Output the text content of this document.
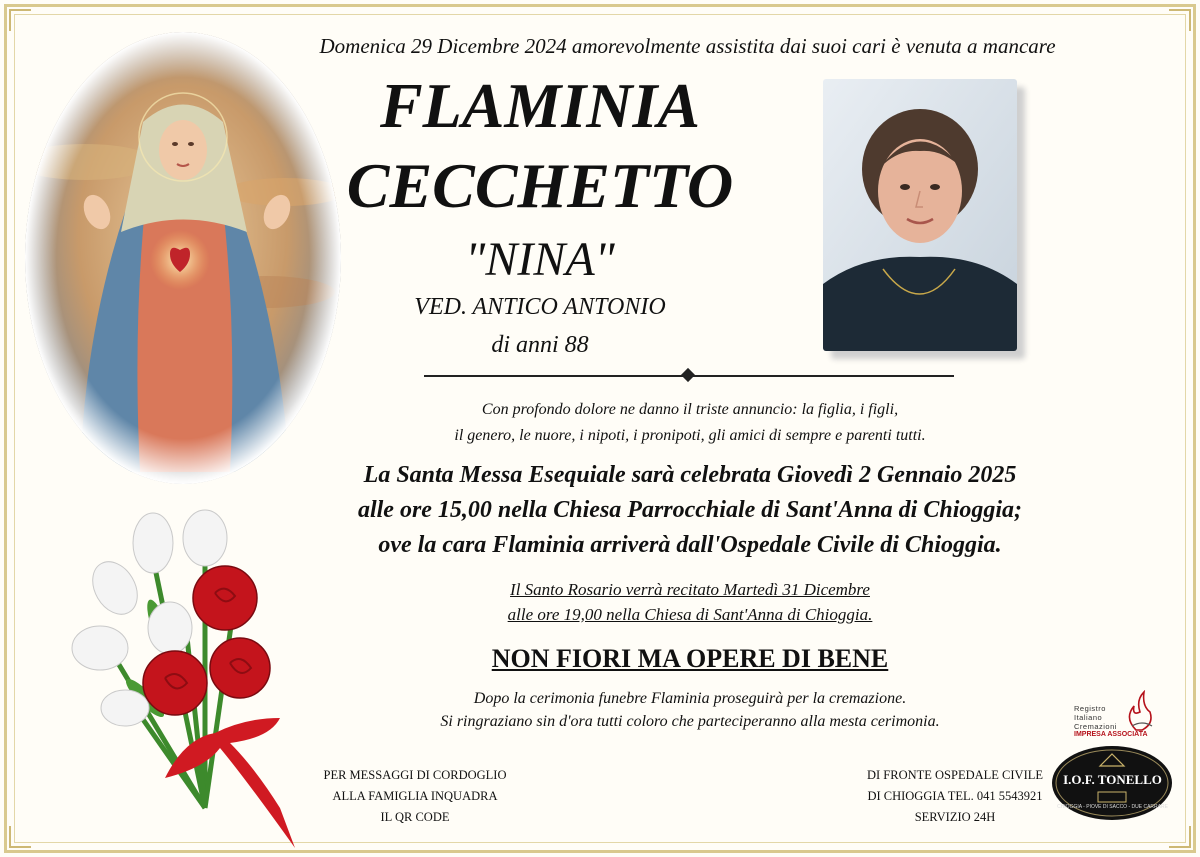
Domenica 29 Dicembre 2024 amorevolmente assistita dai suoi cari è venuta a mancare
FLAMINIA
CECCHETTO
"NINA"
VED. ANTICO ANTONIO
di anni 88
Con profondo dolore ne danno il triste annuncio: la figlia, i figli,
il genero, le nuore, i nipoti, i pronipoti, gli amici di sempre e parenti tutti.
La Santa Messa Esequiale sarà celebrata Giovedì 2 Gennaio 2025
alle ore 15,00 nella Chiesa Parrocchiale di Sant'Anna di Chioggia;
ove la cara Flaminia arriverà dall'Ospedale Civile di Chioggia.
Il Santo Rosario verrà recitato Martedì 31 Dicembre
alle ore 19,00 nella Chiesa di Sant'Anna di Chioggia.
NON FIORI MA OPERE DI BENE
Dopo la cerimonia funebre Flaminia proseguirà per la cremazione.
Si ringraziano sin d'ora tutti coloro che parteciperanno alla mesta cerimonia.
PER MESSAGGI DI CORDOGLIO
ALLA FAMIGLIA INQUADRA
IL QR CODE
DI FRONTE OSPEDALE CIVILE
DI CHIOGGIA TEL. 041 5543921
SERVIZIO 24H
Registro
Italiano
Cremazioni
IMPRESA ASSOCIATA
I.O.F. TONELLO
CHIOGGIA - PIOVE DI SACCO - DUE CARRARE
